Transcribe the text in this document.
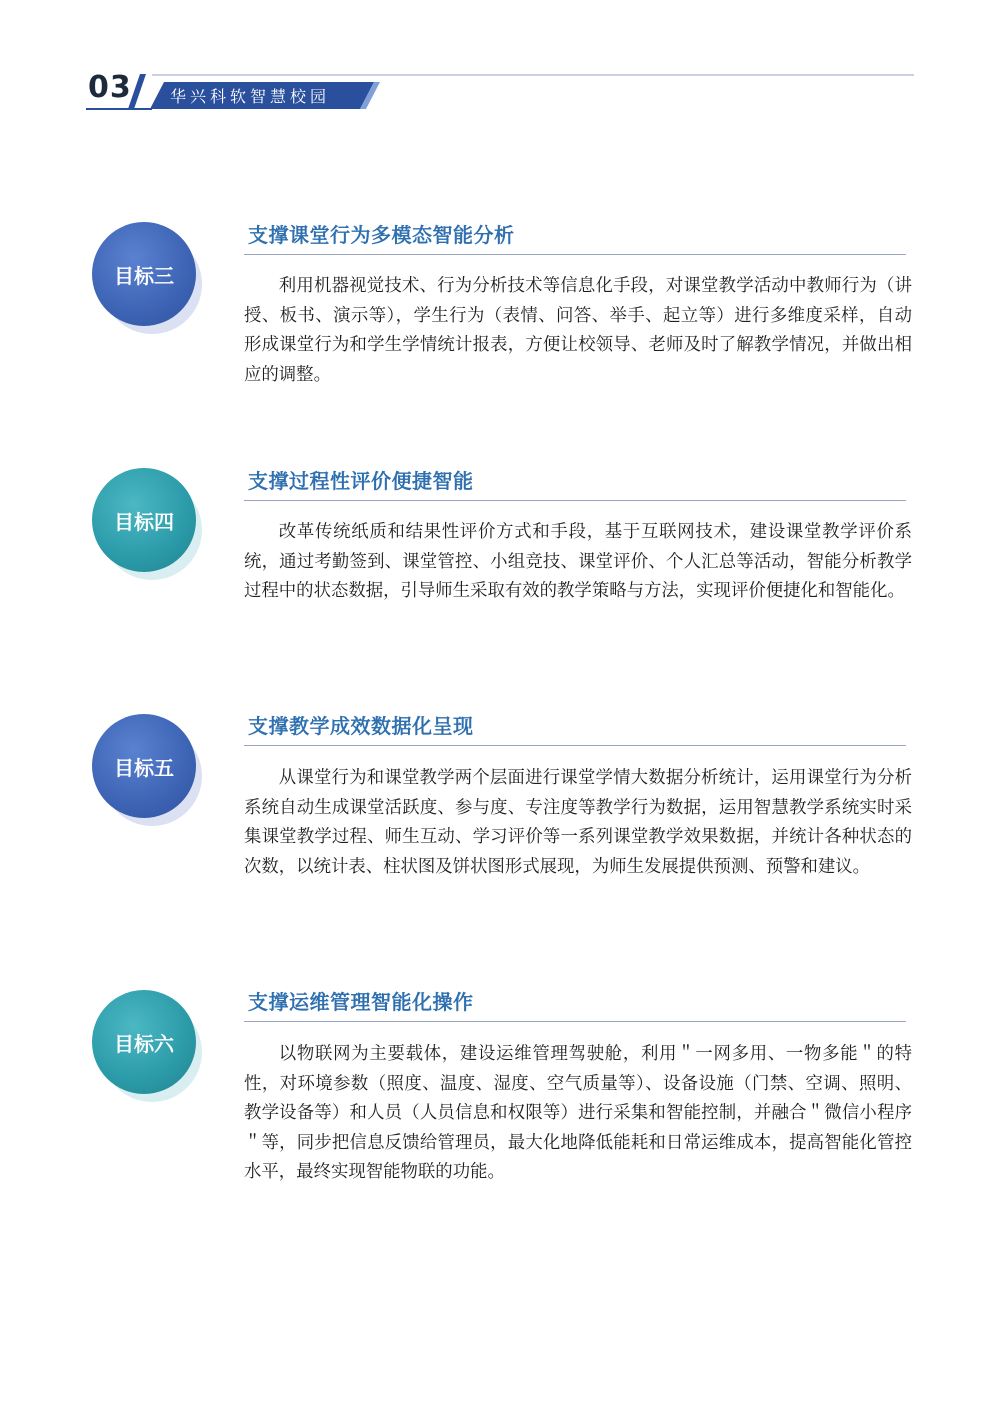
03 华兴科软智慧校园
目标三
支撑课堂行为多模态智能分析
利用机器视觉技术、行为分析技术等信息化手段，对课堂教学活动中教师行为（讲授、板书、演示等），学生行为（表情、问答、举手、起立等）进行多维度采样，自动形成课堂行为和学生学情统计报表，方便让校领导、老师及时了解教学情况，并做出相应的调整。
目标四
支撑过程性评价便捷智能
改革传统纸质和结果性评价方式和手段，基于互联网技术，建设课堂教学评价系统，通过考勤签到、课堂管控、小组竞技、课堂评价、个人汇总等活动，智能分析教学过程中的状态数据，引导师生采取有效的教学策略与方法，实现评价便捷化和智能化。
目标五
支撑教学成效数据化呈现
从课堂行为和课堂教学两个层面进行课堂学情大数据分析统计，运用课堂行为分析系统自动生成课堂活跃度、参与度、专注度等教学行为数据，运用智慧教学系统实时采集课堂教学过程、师生互动、学习评价等一系列课堂教学效果数据，并统计各种状态的次数，以统计表、柱状图及饼状图形式展现，为师生发展提供预测、预警和建议。
目标六
支撑运维管理智能化操作
以物联网为主要载体，建设运维管理驾驶舱，利用＂一网多用、一物多能＂的特性，对环境参数（照度、温度、湿度、空气质量等）、设备设施（门禁、空调、照明、教学设备等）和人员（人员信息和权限等）进行采集和智能控制，并融合＂微信小程序＂等，同步把信息反馈给管理员，最大化地降低能耗和日常运维成本，提高智能化管控水平，最终实现智能物联的功能。
